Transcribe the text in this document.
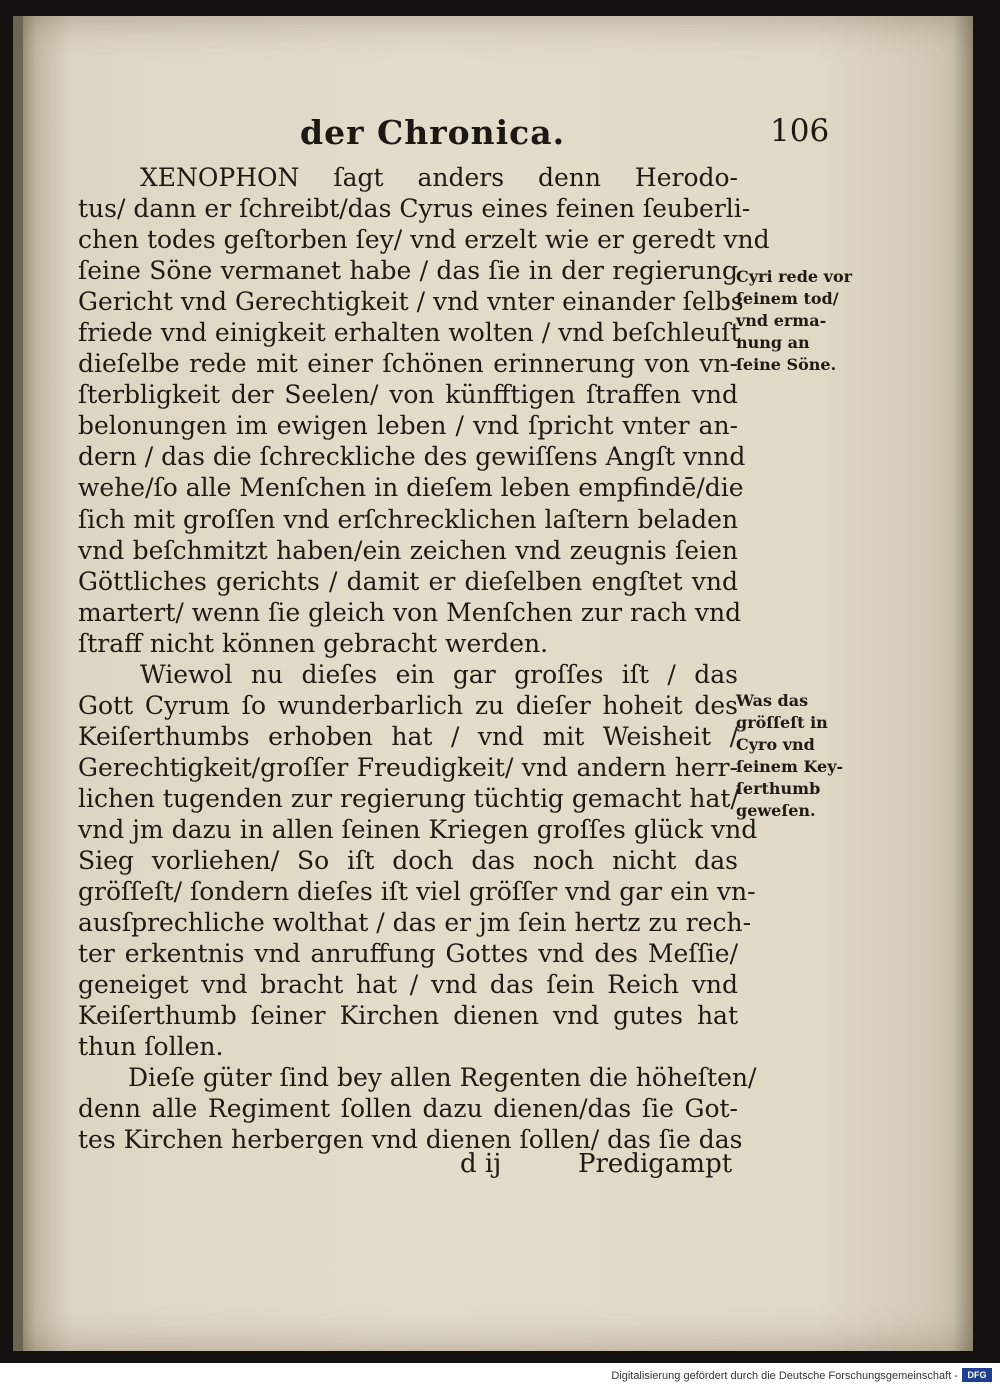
der Chronica.	106
XENOPHON ſagt anders denn Herodo-
tus/ dann er ſchreibt/das Cyrus eines feinen ſeuberli-
chen todes geſtorben ſey/ vnd erzelt wie er geredt vnd
ſeine Söne vermanet habe / das ſie in der regierung
Gericht vnd Gerechtigkeit / vnd vnter einander ſelbs
friede vnd einigkeit erhalten wolten / vnd beſchleuſt
dieſelbe rede mit einer ſchönen erinnerung von vn-
ſterbligkeit der Seelen/ von künfftigen ſtraffen vnd
belonungen im ewigen leben / vnd ſpricht vnter an-
dern / das die ſchreckliche des gewiſſens Angſt vnnd
wehe/ſo alle Menſchen in dieſem leben empfindē/die
ſich mit groſſen vnd erſchrecklichen laſtern beladen
vnd beſchmitzt haben/ein zeichen vnd zeugnis ſeien
Göttliches gerichts / damit er dieſelben engſtet vnd
martert/ wenn ſie gleich von Menſchen zur rach vnd
ſtraff nicht können gebracht werden.
Wiewol nu dieſes ein gar groſſes iſt / das
Gott Cyrum ſo wunderbarlich zu dieſer hoheit des
Keiſerthumbs erhoben hat / vnd mit Weisheit /
Gerechtigkeit/groſſer Freudigkeit/ vnd andern herr-
lichen tugenden zur regierung tüchtig gemacht hat/
vnd jm dazu in allen ſeinen Kriegen groſſes glück vnd
Sieg vorliehen/ So iſt doch das noch nicht das
gröſſeſt/ ſondern dieſes iſt viel gröſſer vnd gar ein vn-
ausſprechliche wolthat / das er jm ſein hertz zu rech-
ter erkentnis vnd anruffung Gottes vnd des Meſſie/
geneiget vnd bracht hat / vnd das ſein Reich vnd
Keiſerthumb ſeiner Kirchen dienen vnd gutes hat
thun ſollen.
Dieſe güter ſind bey allen Regenten die höheſten/
denn alle Regiment ſollen dazu dienen/das ſie Got-
tes Kirchen herbergen vnd dienen ſollen/ das ſie das
d ij	Predigampt
Cyri rede vor
ſeinem tod/
vnd erma-
nung an
ſeine Söne.
Was das
gröſſeſt in
Cyro vnd
ſeinem Key-
ſerthumb
geweſen.
Digitalisierung gefördert durch die Deutsche Forschungsgemeinschaft -	DFG
